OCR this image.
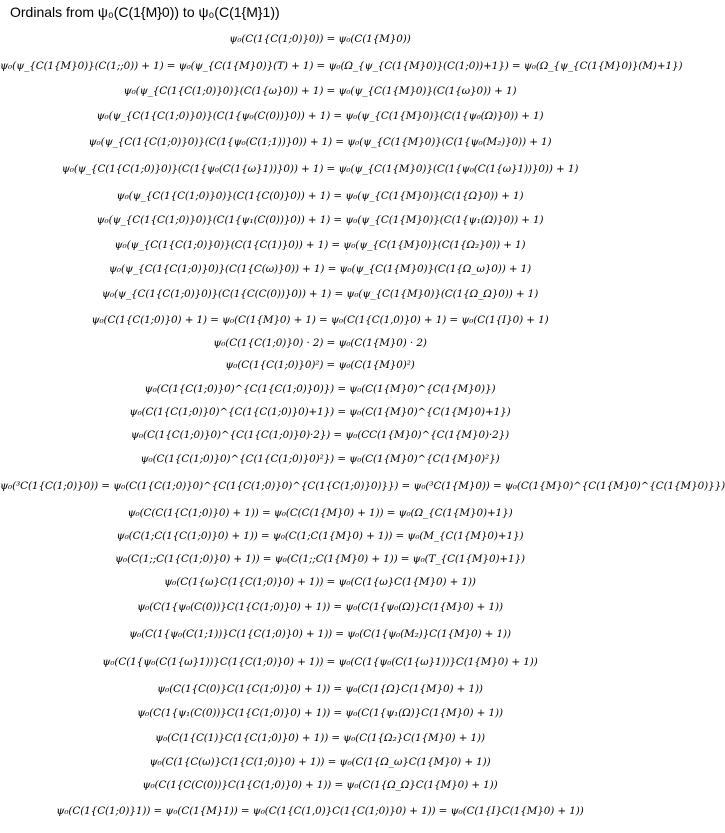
Ordinals from ψ₀(C(1{M}0)) to ψ₀(C(1{M}1))
ψ₀(C(1{C(1;0)}0)) = ψ₀(C(1{M}0))
ψ₀(ψ_{C(1{M}0)}(C(1;;0)) + 1) = ψ₀(ψ_{C(1{M}0)}(T) + 1) = ψ₀(Ω_{ψ_{C(1{M}0)}(C(1;0))+1}) = ψ₀(Ω_{ψ_{C(1{M}0)}(M)+1})
ψ₀(ψ_{C(1{C(1;0)}0)}(C(1{ω}0)) + 1) = ψ₀(ψ_{C(1{M}0)}(C(1{ω}0)) + 1)
ψ₀(ψ_{C(1{C(1;0)}0)}(C(1{ψ₀(C(0))}0)) + 1) = ψ₀(ψ_{C(1{M}0)}(C(1{ψ₀(Ω)}0)) + 1)
ψ₀(ψ_{C(1{C(1;0)}0)}(C(1{ψ₀(C(1;1))}0)) + 1) = ψ₀(ψ_{C(1{M}0)}(C(1{ψ₀(M₂)}0)) + 1)
ψ₀(ψ_{C(1{C(1;0)}0)}(C(1{ψ₀(C(1{ω}1))}0)) + 1) = ψ₀(ψ_{C(1{M}0)}(C(1{ψ₀(C(1{ω}1))}0)) + 1)
ψ₀(ψ_{C(1{C(1;0)}0)}(C(1{C(0)}0)) + 1) = ψ₀(ψ_{C(1{M}0)}(C(1{Ω}0)) + 1)
ψ₀(ψ_{C(1{C(1;0)}0)}(C(1{ψ₁(C(0))}0)) + 1) = ψ₀(ψ_{C(1{M}0)}(C(1{ψ₁(Ω)}0)) + 1)
ψ₀(ψ_{C(1{C(1;0)}0)}(C(1{C(1)}0)) + 1) = ψ₀(ψ_{C(1{M}0)}(C(1{Ω₂}0)) + 1)
ψ₀(ψ_{C(1{C(1;0)}0)}(C(1{C(ω)}0)) + 1) = ψ₀(ψ_{C(1{M}0)}(C(1{Ω_ω}0)) + 1)
ψ₀(ψ_{C(1{C(1;0)}0)}(C(1{C(C(0))}0)) + 1) = ψ₀(ψ_{C(1{M}0)}(C(1{Ω_Ω}0)) + 1)
ψ₀(C(1{C(1;0)}0) + 1) = ψ₀(C(1{M}0) + 1) = ψ₀(C(1{C(1,0)}0) + 1) = ψ₀(C(1{I}0) + 1)
ψ₀(C(1{C(1;0)}0) · 2) = ψ₀(C(1{M}0) · 2)
ψ₀(C(1{C(1;0)}0)²) = ψ₀(C(1{M}0)²)
ψ₀(C(1{C(1;0)}0)^{C(1{C(1;0)}0)}) = ψ₀(C(1{M}0)^{C(1{M}0)})
ψ₀(C(1{C(1;0)}0)^{C(1{C(1;0)}0)+1}) = ψ₀(C(1{M}0)^{C(1{M}0)+1})
ψ₀(C(1{C(1;0)}0)^{C(1{C(1;0)}0)·2}) = ψ₀(CC(1{M}0)^{C(1{M}0)·2})
ψ₀(C(1{C(1;0)}0)^{C(1{C(1;0)}0)²}) = ψ₀(C(1{M}0)^{C(1{M}0)²})
ψ₀(³C(1{C(1;0)}0)) = ψ₀(C(1{C(1;0)}0)^{C(1{C(1;0)}0)^{C(1{C(1;0)}0)}}) = ψ₀(³C(1{M}0)) = ψ₀(C(1{M}0)^{C(1{M}0)^{C(1{M}0)}})
ψ₀(C(C(1{C(1;0)}0) + 1)) = ψ₀(C(C(1{M}0) + 1)) = ψ₀(Ω_{C(1{M}0)+1})
ψ₀(C(1;C(1{C(1;0)}0) + 1)) = ψ₀(C(1;C(1{M}0) + 1)) = ψ₀(M_{C(1{M}0)+1})
ψ₀(C(1;;C(1{C(1;0)}0) + 1)) = ψ₀(C(1;;C(1{M}0) + 1)) = ψ₀(T_{C(1{M}0)+1})
ψ₀(C(1{ω}C(1{C(1;0)}0) + 1)) = ψ₀(C(1{ω}C(1{M}0) + 1))
ψ₀(C(1{ψ₀(C(0))}C(1{C(1;0)}0) + 1)) = ψ₀(C(1{ψ₀(Ω)}C(1{M}0) + 1))
ψ₀(C(1{ψ₀(C(1;1))}C(1{C(1;0)}0) + 1)) = ψ₀(C(1{ψ₀(M₂)}C(1{M}0) + 1))
ψ₀(C(1{ψ₀(C(1{ω}1))}C(1{C(1;0)}0) + 1)) = ψ₀(C(1{ψ₀(C(1{ω}1))}C(1{M}0) + 1))
ψ₀(C(1{C(0)}C(1{C(1;0)}0) + 1)) = ψ₀(C(1{Ω}C(1{M}0) + 1))
ψ₀(C(1{ψ₁(C(0))}C(1{C(1;0)}0) + 1)) = ψ₀(C(1{ψ₁(Ω)}C(1{M}0) + 1))
ψ₀(C(1{C(1)}C(1{C(1;0)}0) + 1)) = ψ₀(C(1{Ω₂}C(1{M}0) + 1))
ψ₀(C(1{C(ω)}C(1{C(1;0)}0) + 1)) = ψ₀(C(1{Ω_ω}C(1{M}0) + 1))
ψ₀(C(1{C(C(0))}C(1{C(1;0)}0) + 1)) = ψ₀(C(1{Ω_Ω}C(1{M}0) + 1))
ψ₀(C(1{C(1;0)}1)) = ψ₀(C(1{M}1)) = ψ₀(C(1{C(1,0)}C(1{C(1;0)}0) + 1)) = ψ₀(C(1{I}C(1{M}0) + 1))
